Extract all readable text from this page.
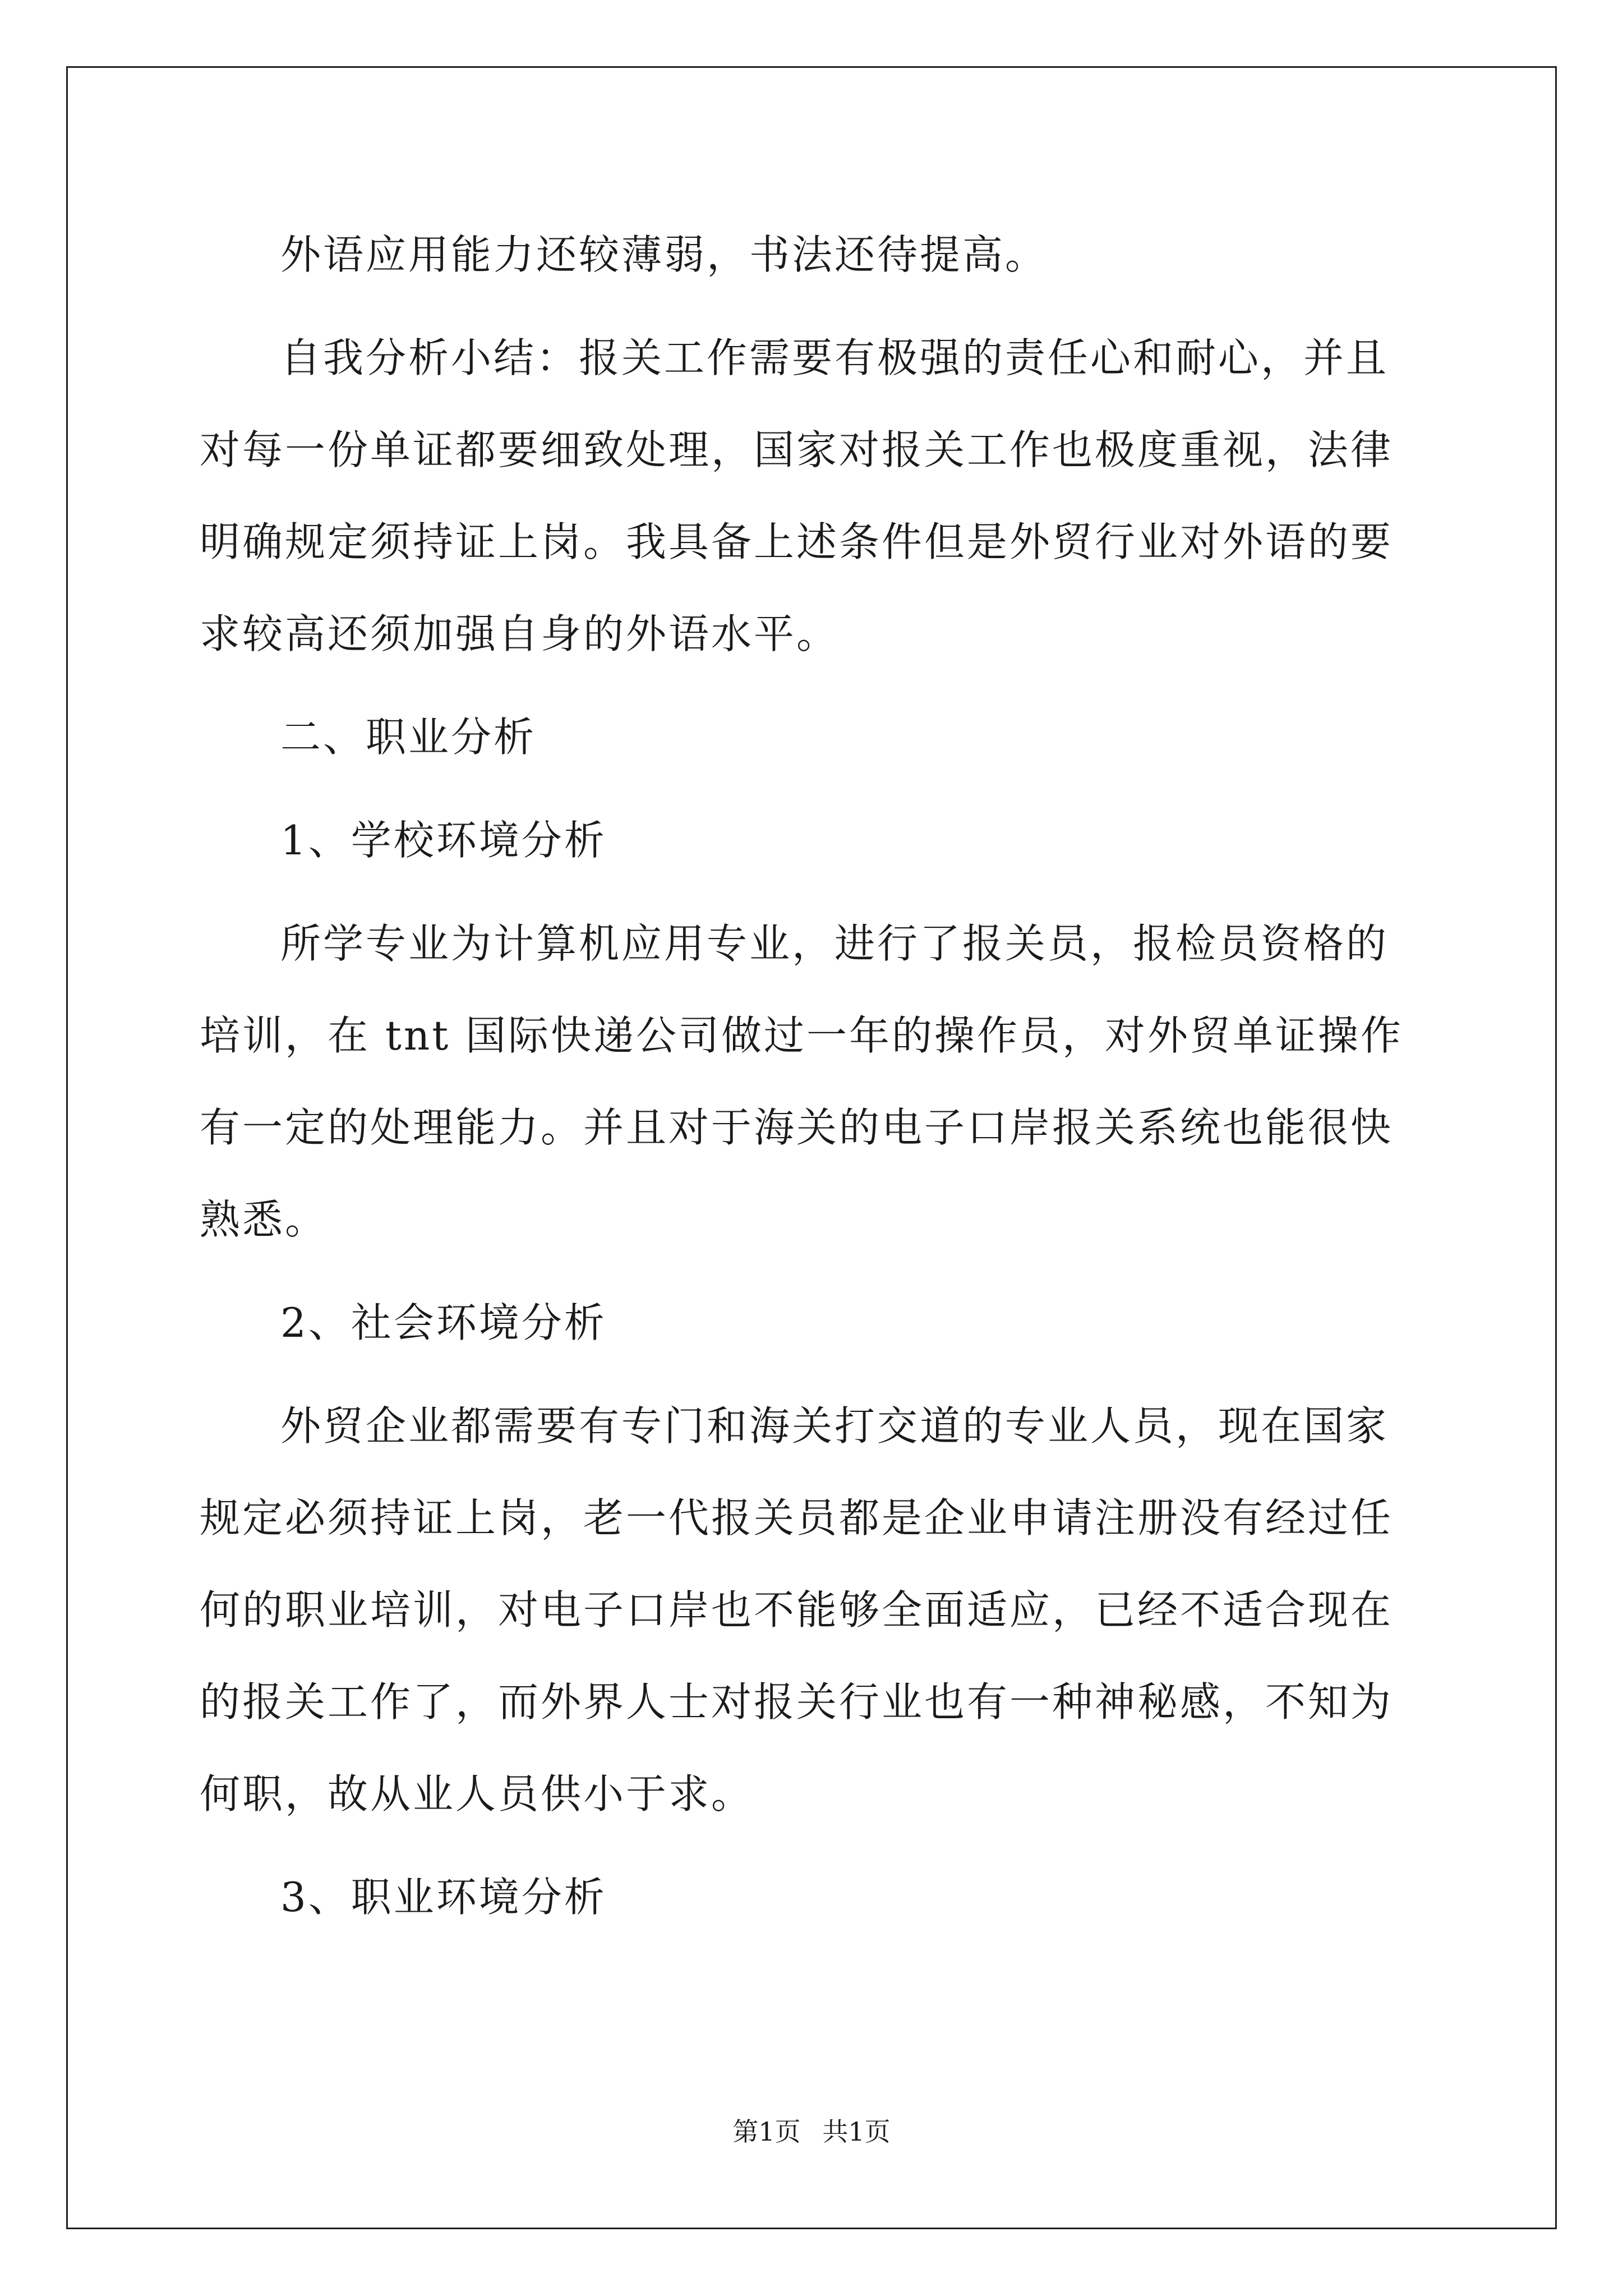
外语应用能力还较薄弱，书法还待提高。

自我分析小结：报关工作需要有极强的责任心和耐心，并且对每一份单证都要细致处理，国家对报关工作也极度重视，法律明确规定须持证上岗。我具备上述条件但是外贸行业对外语的要求较高还须加强自身的外语水平。

二、职业分析

1、学校环境分析

所学专业为计算机应用专业，进行了报关员，报检员资格的培训，在 tnt 国际快递公司做过一年的操作员，对外贸单证操作有一定的处理能力。并且对于海关的电子口岸报关系统也能很快熟悉。

2、社会环境分析

外贸企业都需要有专门和海关打交道的专业人员，现在国家规定必须持证上岗，老一代报关员都是企业申请注册没有经过任何的职业培训，对电子口岸也不能够全面适应，已经不适合现在的报关工作了，而外界人士对报关行业也有一种神秘感，不知为何职，故从业人员供小于求。

3、职业环境分析

第1页 共1页
